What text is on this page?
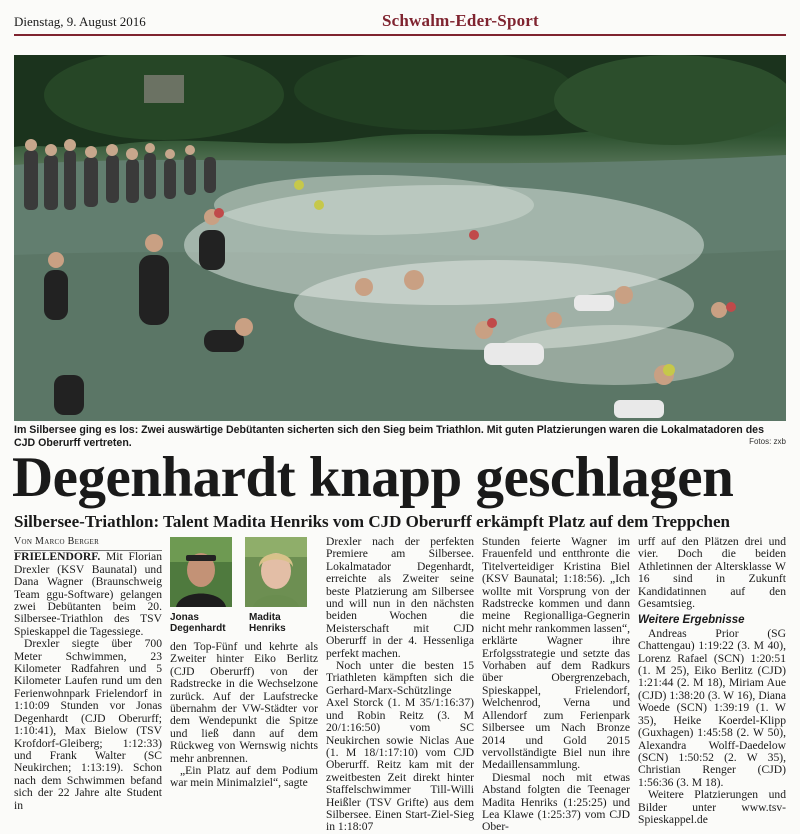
Dienstag, 9. August 2016	Schwalm-Eder-Sport
Im Silbersee ging es los: Zwei auswärtige Debütanten sicherten sich den Sieg beim Triathlon. Mit guten Platzierungen waren die Lokalmatadoren des CJD Oberurff vertreten.	Fotos: zxb
Degenhardt knapp geschlagen
Silbersee-Triathlon: Talent Madita Henriks vom CJD Oberurff erkämpft Platz auf dem Treppchen

Von Marco Berger

FRIELENDORF. Mit Florian Drexler (KSV Baunatal) und Dana Wagner (Braunschweig Team ggu-Software) gelangen zwei Debütanten beim 20. Silbersee-Triathlon des TSV Spieskappel die Tagessiege.

Drexler siegte über 700 Meter Schwimmen, 23 Kilometer Radfahren und 5 Kilometer Laufen rund um den Ferienwohnpark Frielendorf in 1:10:09 Stunden vor Jonas Degenhardt (CJD Oberurff; 1:10:41), Max Bielow (TSV Krofdorf-Gleiberg; 1:12:33) und Frank Walter (SC Neukirchen; 1:13:19). Schon nach dem Schwimmen befand sich der 22 Jahre alte Student in

Jonas
Degenhardt
Madita
Henriks

den Top-Fünf und kehrte als Zweiter hinter Eiko Berlitz (CJD Oberurff) von der Radstrecke in die Wechselzone zurück. Auf der Laufstrecke übernahm der VW-Städter vor dem Wendepunkt die Spitze und ließ dann auf dem Rückweg von Wernswig nichts mehr anbrennen.

„Ein Platz auf dem Podium war mein Minimalziel“, sagte

Drexler nach der perfekten Premiere am Silbersee. Lokalmatador Degenhardt, erreichte als Zweiter seine beste Platzierung am Silbersee und will nun in den nächsten beiden Wochen die Meisterschaft mit CJD Oberurff in der 4. Hessenliga perfekt machen.

Noch unter die besten 15 Triathleten kämpften sich die Gerhard-Marx-Schützlinge Axel Storck (1. M 35/1:16:37) und Robin Reitz (3. M 20/1:16:50) vom SC Neukirchen sowie Niclas Aue (1. M 18/1:17:10) vom CJD Oberurff. Reitz kam mit der zweitbesten Zeit direkt hinter Staffelschwimmer Till-Willi Heißler (TSV Grifte) aus dem Silbersee. Einen Start-Ziel-Sieg in 1:18:07

Stunden feierte Wagner im Frauenfeld und entthronte die Titelverteidiger Kristina Biel (KSV Baunatal; 1:18:56). „Ich wollte mit Vorsprung von der Radstrecke kommen und dann meine Regionalliga-Gegnerin nicht mehr rankommen lassen“, erklärte Wagner ihre Erfolgsstrategie und setzte das Vorhaben auf dem Radkurs über Obergrenzebach, Spieskappel, Frielendorf, Welchenrod, Verna und Allendorf zum Ferienpark Silbersee um Nach Bronze 2014 und Gold 2015 vervollständigte Biel nun ihre Medaillensammlung.

Diesmal noch mit etwas Abstand folgten die Teenager Madita Henriks (1:25:25) und Lea Klawe (1:25:37) vom CJD Ober-

urff auf den Plätzen drei und vier. Doch die beiden Athletinnen der Altersklasse W 16 sind in Zukunft Kandidatinnen auf den Gesamtsieg.

Weitere Ergebnisse

Andreas Prior (SG Chattengau) 1:19:22 (3. M 40), Lorenz Rafael (SCN) 1:20:51 (1. M 25), Eiko Berlitz (CJD) 1:21:44 (2. M 18), Miriam Aue (CJD) 1:38:20 (3. W 16), Diana Woede (SCN) 1:39:19 (1. W 35), Heike Koerdel-Klipp (Guxhagen) 1:45:58 (2. W 50), Alexandra Wolff-Daedelow (SCN) 1:50:52 (2. W 35), Christian Renger (CJD) 1:56:36 (3. M 18).

Weitere Platzierungen und Bilder unter www.tsv-Spieskappel.de
